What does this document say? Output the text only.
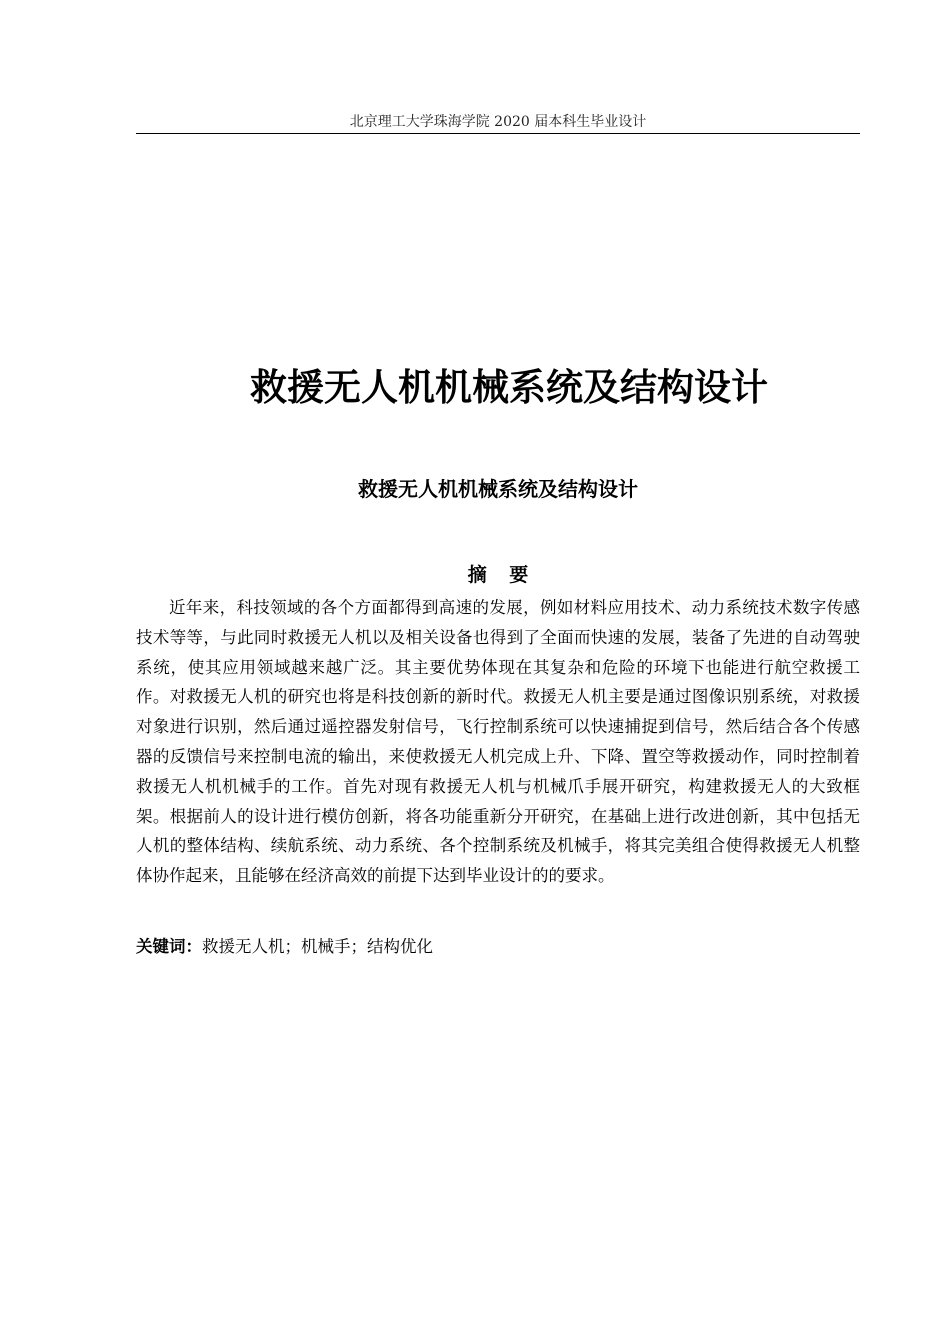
北京理工大学珠海学院 2020 届本科生毕业设计
救援无人机机械系统及结构设计
救援无人机机械系统及结构设计
摘 要

近年来，科技领域的各个方面都得到高速的发展，例如材料应用技术、动力系统技术数字传感技术等等，与此同时救援无人机以及相关设备也得到了全面而快速的发展，装备了先进的自动驾驶系统，使其应用领域越来越广泛。其主要优势体现在其复杂和危险的环境下也能进行航空救援工作。对救援无人机的研究也将是科技创新的新时代。救援无人机主要是通过图像识别系统，对救援对象进行识别，然后通过遥控器发射信号，飞行控制系统可以快速捕捉到信号，然后结合各个传感器的反馈信号来控制电流的输出，来使救援无人机完成上升、下降、置空等救援动作，同时控制着救援无人机机械手的工作。首先对现有救援无人机与机械爪手展开研究，构建救援无人的大致框架。根据前人的设计进行模仿创新，将各功能重新分开研究，在基础上进行改进创新，其中包括无人机的整体结构、续航系统、动力系统、各个控制系统及机械手，将其完美组合使得救援无人机整体协作起来，且能够在经济高效的前提下达到毕业设计的的要求。

关键词：救援无人机；机械手；结构优化
